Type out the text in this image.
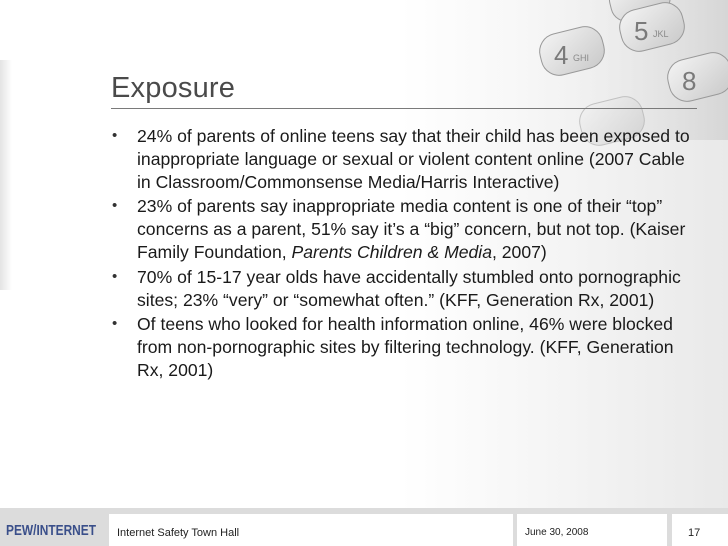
4 GHI
5 JKL
8
Exposure
• 24% of parents of online teens say that their child has been exposed to inappropriate language or sexual or violent content online (2007 Cable in Classroom/Commonsense Media/Harris Interactive)
• 23% of parents say inappropriate media content is one of their “top” concerns as a parent, 51% say it’s a “big” concern, but not top. (Kaiser Family Foundation, Parents Children & Media, 2007)
• 70% of 15-17 year olds have accidentally stumbled onto pornographic sites; 23% “very” or “somewhat often.” (KFF, Generation Rx, 2001)
• Of teens who looked for health information online, 46% were blocked from non-pornographic sites by filtering technology. (KFF, Generation Rx, 2001)
PEW/INTERNET Internet Safety Town Hall	June 30, 2008	17
